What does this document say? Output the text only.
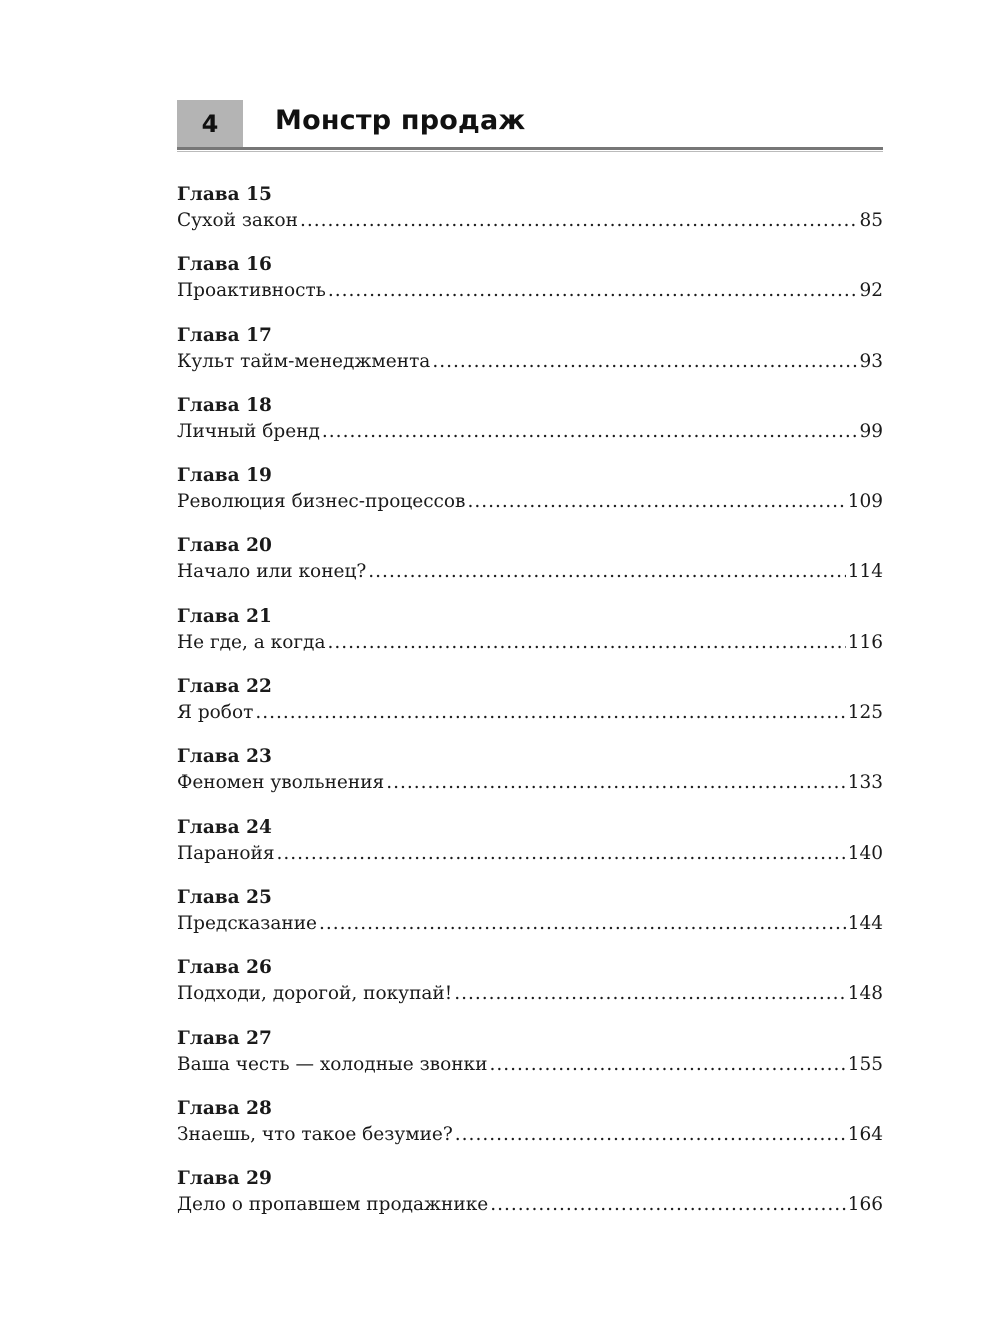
4	Монстр продаж
Глава 15
Сухой закон .....	85
Глава 16
Проактивность .....	92
Глава 17
Культ тайм-менеджмента .....	93
Глава 18
Личный бренд .....	99
Глава 19
Революция бизнес-процессов .....	109
Глава 20
Начало или конец? .....	114
Глава 21
Не где, а когда .....	116
Глава 22
Я робот .....	125
Глава 23
Феномен увольнения .....	133
Глава 24
Паранойя .....	140
Глава 25
Предсказание .....	144
Глава 26
Подходи, дорогой, покупай! .....	148
Глава 27
Ваша честь — холодные звонки .....	155
Глава 28
Знаешь, что такое безумие? .....	164
Глава 29
Дело о пропавшем продажнике .....	166
